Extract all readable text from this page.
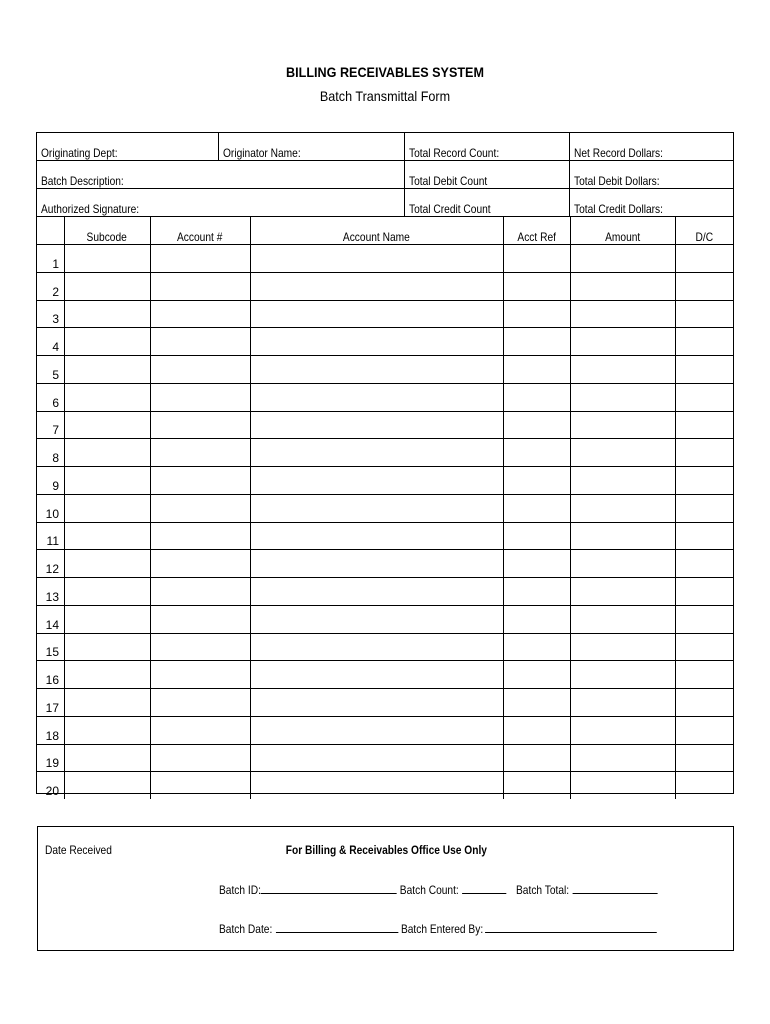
BILLING RECEIVABLES SYSTEM
Batch Transmittal Form
Originating Dept:	Originator Name:	Total Record Count:	Net Record Dollars:
Batch Description:	Total Debit Count	Total Debit Dollars:
Authorized Signature:	Total Credit Count	Total Credit Dollars:
Subcode	Account #	Account Name	Acct Ref	Amount	D/C
1
2
3
4
5
6
7
8
9
10
11
12
13
14
15
16
17
18
19
20
Date Received	For Billing & Receivables Office Use Only
Batch ID:	Batch Count:	Batch Total:
Batch Date:	Batch Entered By:
